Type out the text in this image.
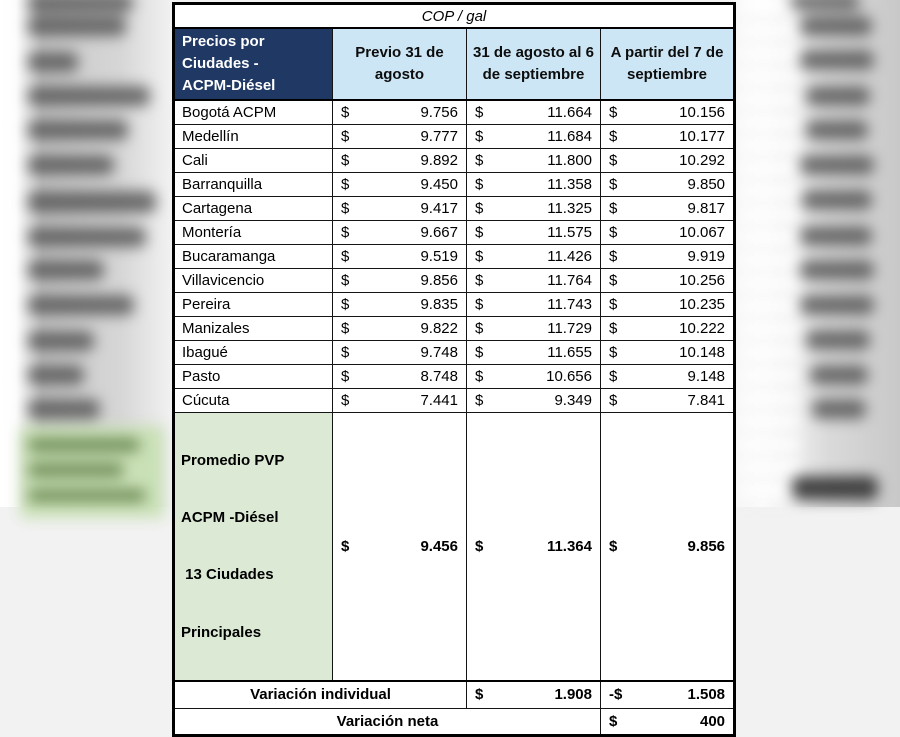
COP / gal			

Precios por Ciudades -
ACPM-Diésel	Previo 31 de agosto	31 de agosto al 6 de septiembre	A partir del 7 de septiembre
Bogotá ACPM	$ 9.756	$ 11.664	$ 10.156

Medellín	$ 9.777	$ 11.684	$ 10.177

Cali	$ 9.892	$ 11.800	$ 10.292

Barranquilla	$ 9.450	$ 11.358	$ 9.850

Cartagena	$ 9.417	$ 11.325	$ 9.817

Montería	$ 9.667	$ 11.575	$ 10.067

Bucaramanga	$ 9.519	$ 11.426	$ 9.919

Villavicencio	$ 9.856	$ 11.764	$ 10.256

Pereira	$ 9.835	$ 11.743	$ 10.235

Manizales	$ 9.822	$ 11.729	$ 10.222

Ibagué	$ 9.748	$ 11.655	$ 10.148

Pasto	$ 8.748	$ 10.656	$ 9.148

Cúcuta	$ 7.441	$ 9.349	$ 7.841

Promedio PVP

ACPM -Diésel

13 Ciudades

Principales	$ 9.456	$ 11.364	$ 9.856

Variación individual		$ 1.908	-$ 1.508

Variación neta			$ 400
